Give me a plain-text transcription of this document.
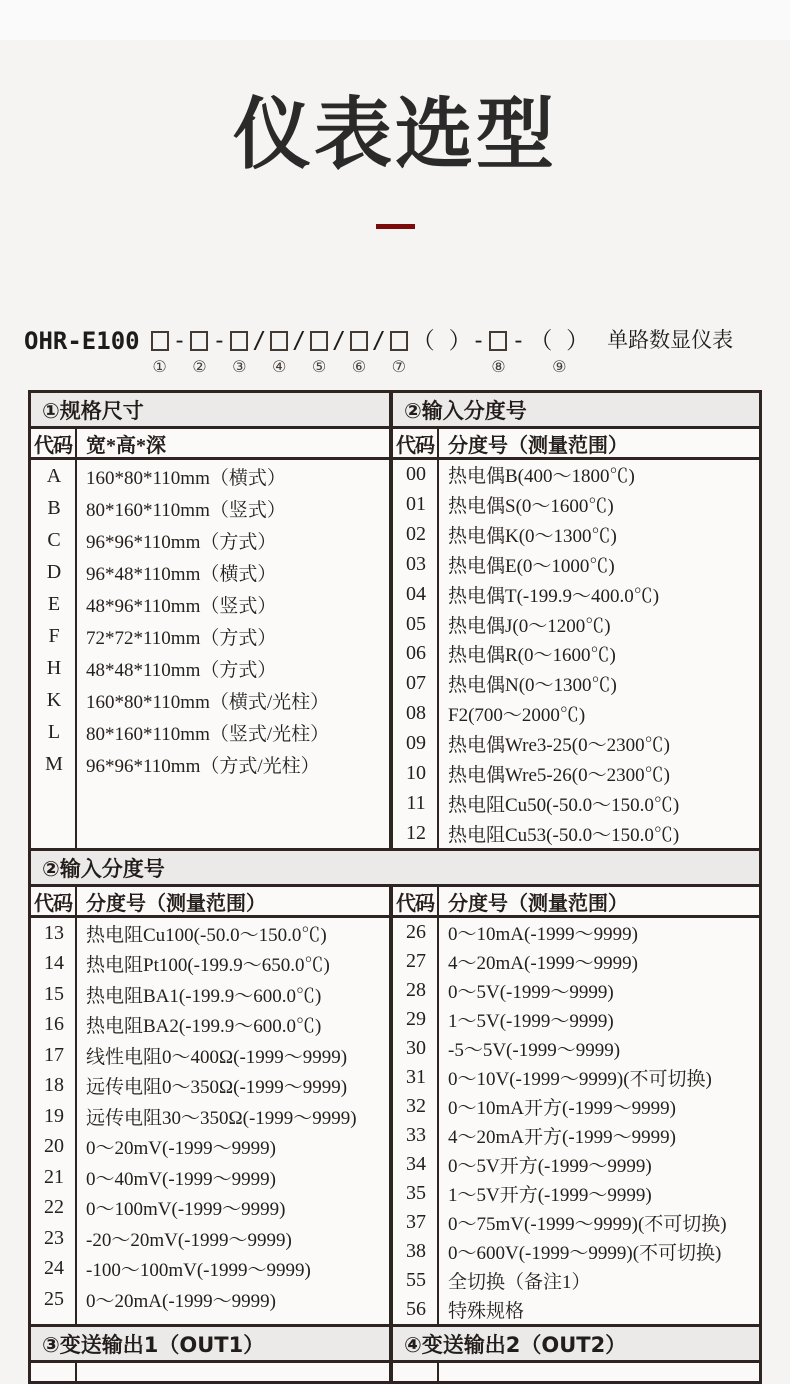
仪表选型
OHR-E100
①
-
②
-
③
/
④
/
⑤
/
⑥
/
⑦
（ ）-
⑧
- （ ）
⑨
单路数显仪表
①规格尺寸	②输入分度号
代码 宽*高*深	代码 分度号（测量范围）
A	160*80*110mm（横式）
B	80*160*110mm（竖式）
C	96*96*110mm（方式）
D	96*48*110mm（横式）
E	48*96*110mm（竖式）
F	72*72*110mm（方式）
H	48*48*110mm（方式）
K	160*80*110mm（横式/光柱）
L	80*160*110mm（竖式/光柱）
M	96*96*110mm（方式/光柱）
00	热电偶B(400～1800℃)
01	热电偶S(0～1600℃)
02	热电偶K(0～1300℃)
03	热电偶E(0～1000℃)
04	热电偶T(-199.9～400.0℃)
05	热电偶J(0～1200℃)
06	热电偶R(0～1600℃)
07	热电偶N(0～1300℃)
08	F2(700～2000℃)
09	热电偶Wre3-25(0～2300℃)
10	热电偶Wre5-26(0～2300℃)
11	热电阻Cu50(-50.0～150.0℃)
12	热电阻Cu53(-50.0～150.0℃)
②输入分度号
代码 分度号（测量范围）	代码 分度号（测量范围）
13	热电阻Cu100(-50.0～150.0℃)
14	热电阻Pt100(-199.9～650.0℃)
15	热电阻BA1(-199.9～600.0℃)
16	热电阻BA2(-199.9～600.0℃)
17	线性电阻0～400Ω(-1999～9999)
18	远传电阻0～350Ω(-1999～9999)
19	远传电阻30～350Ω(-1999～9999)
20	0～20mV(-1999～9999)
21	0～40mV(-1999～9999)
22	0～100mV(-1999～9999)
23	-20～20mV(-1999～9999)
24	-100～100mV(-1999～9999)
25	0～20mA(-1999～9999)
26	0～10mA(-1999～9999)
27	4～20mA(-1999～9999)
28	0～5V(-1999～9999)
29	1～5V(-1999～9999)
30	-5～5V(-1999～9999)
31	0～10V(-1999～9999)(不可切换)
32	0～10mA开方(-1999～9999)
33	4～20mA开方(-1999～9999)
34	0～5V开方(-1999～9999)
35	1～5V开方(-1999～9999)
37	0～75mV(-1999～9999)(不可切换)
38	0～600V(-1999～9999)(不可切换)
55	全切换（备注1）
56	特殊规格
③变送输出1（OUT1）	④变送输出2（OUT2）
